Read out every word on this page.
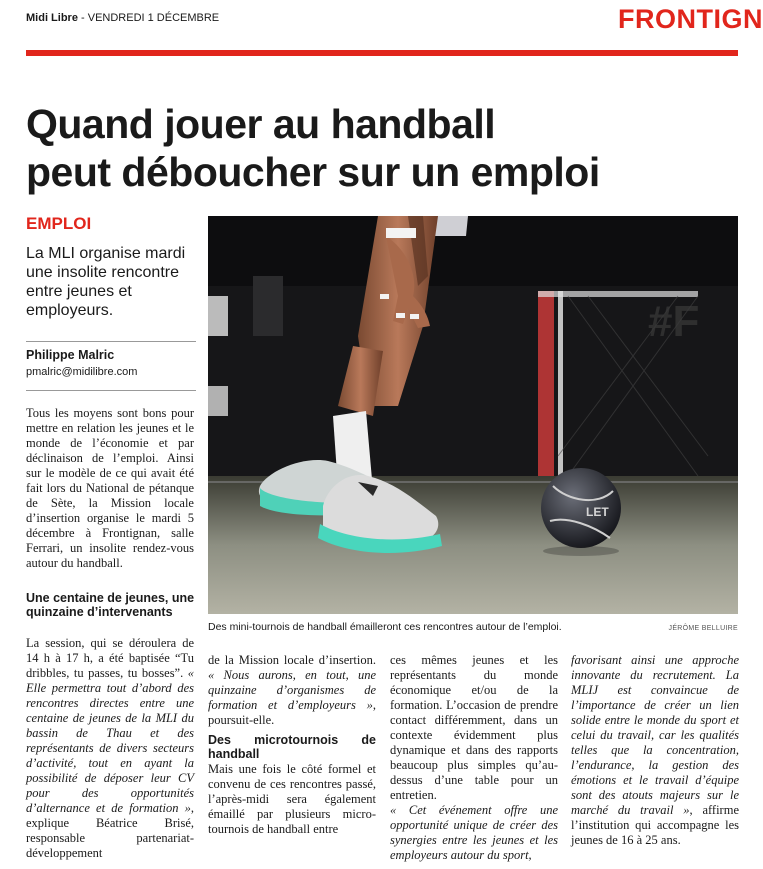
Midi Libre - VENDREDI 1 DÉCEMBRE	FRONTIGN
Quand jouer au handball
peut déboucher sur un emploi
EMPLOI
La MLI organise mardi une insolite rencontre entre jeunes et employeurs.
Philippe Malric
pmalric@midilibre.com

Tous les moyens sont bons pour mettre en relation les jeunes et le monde de l’économie et par déclinaison de l’emploi. Ainsi sur le modèle de ce qui avait été fait lors du National de pétanque de Sète, la Mission locale d’insertion organise le mardi 5 décembre à Frontignan, salle Ferrari, un insolite rendez-vous autour du handball.

#F
LET
Des mini-tournois de handball émailleront ces rencontres autour de l’emploi.	JÉRÔME BELLUIRE
Une centaine de jeunes, une quinzaine d’intervenants

La session, qui se déroulera de 14 h à 17 h, a été baptisée “Tu dribbles, tu passes, tu bosses”. « Elle permettra tout d’abord des rencontres directes entre une centaine de jeunes de la MLI du bassin de Thau et des représentants de divers secteurs d’activité, tout en ayant la possibilité de déposer leur CV pour des opportunités d’alternance et de formation », explique Béatrice Brisé, responsable partenariat-développement

de la Mission locale d’insertion. « Nous aurons, en tout, une quinzaine d’organismes de formation et d’employeurs », poursuit-elle.

Des microtournois de handball

Mais une fois le côté formel et convenu de ces rencontres passé, l’après-midi sera également émaillé par plusieurs micro-tournois de handball entre

ces mêmes jeunes et les représentants du monde économique et/ou de la formation. L’occasion de prendre contact différemment, dans un contexte évidemment plus dynamique et dans des rapports beaucoup plus simples qu’au-dessus d’une table pour un entretien.

« Cet événement offre une opportunité unique de créer des synergies entre les jeunes et les employeurs autour du sport,

favorisant ainsi une approche innovante du recrutement. La MLIJ est convaincue de l’importance de créer un lien solide entre le monde du sport et celui du travail, car les qualités telles que la concentration, l’endurance, la gestion des émotions et le travail d’équipe sont des atouts majeurs sur le marché du travail », affirme l’institution qui accompagne les jeunes de 16 à 25 ans.
